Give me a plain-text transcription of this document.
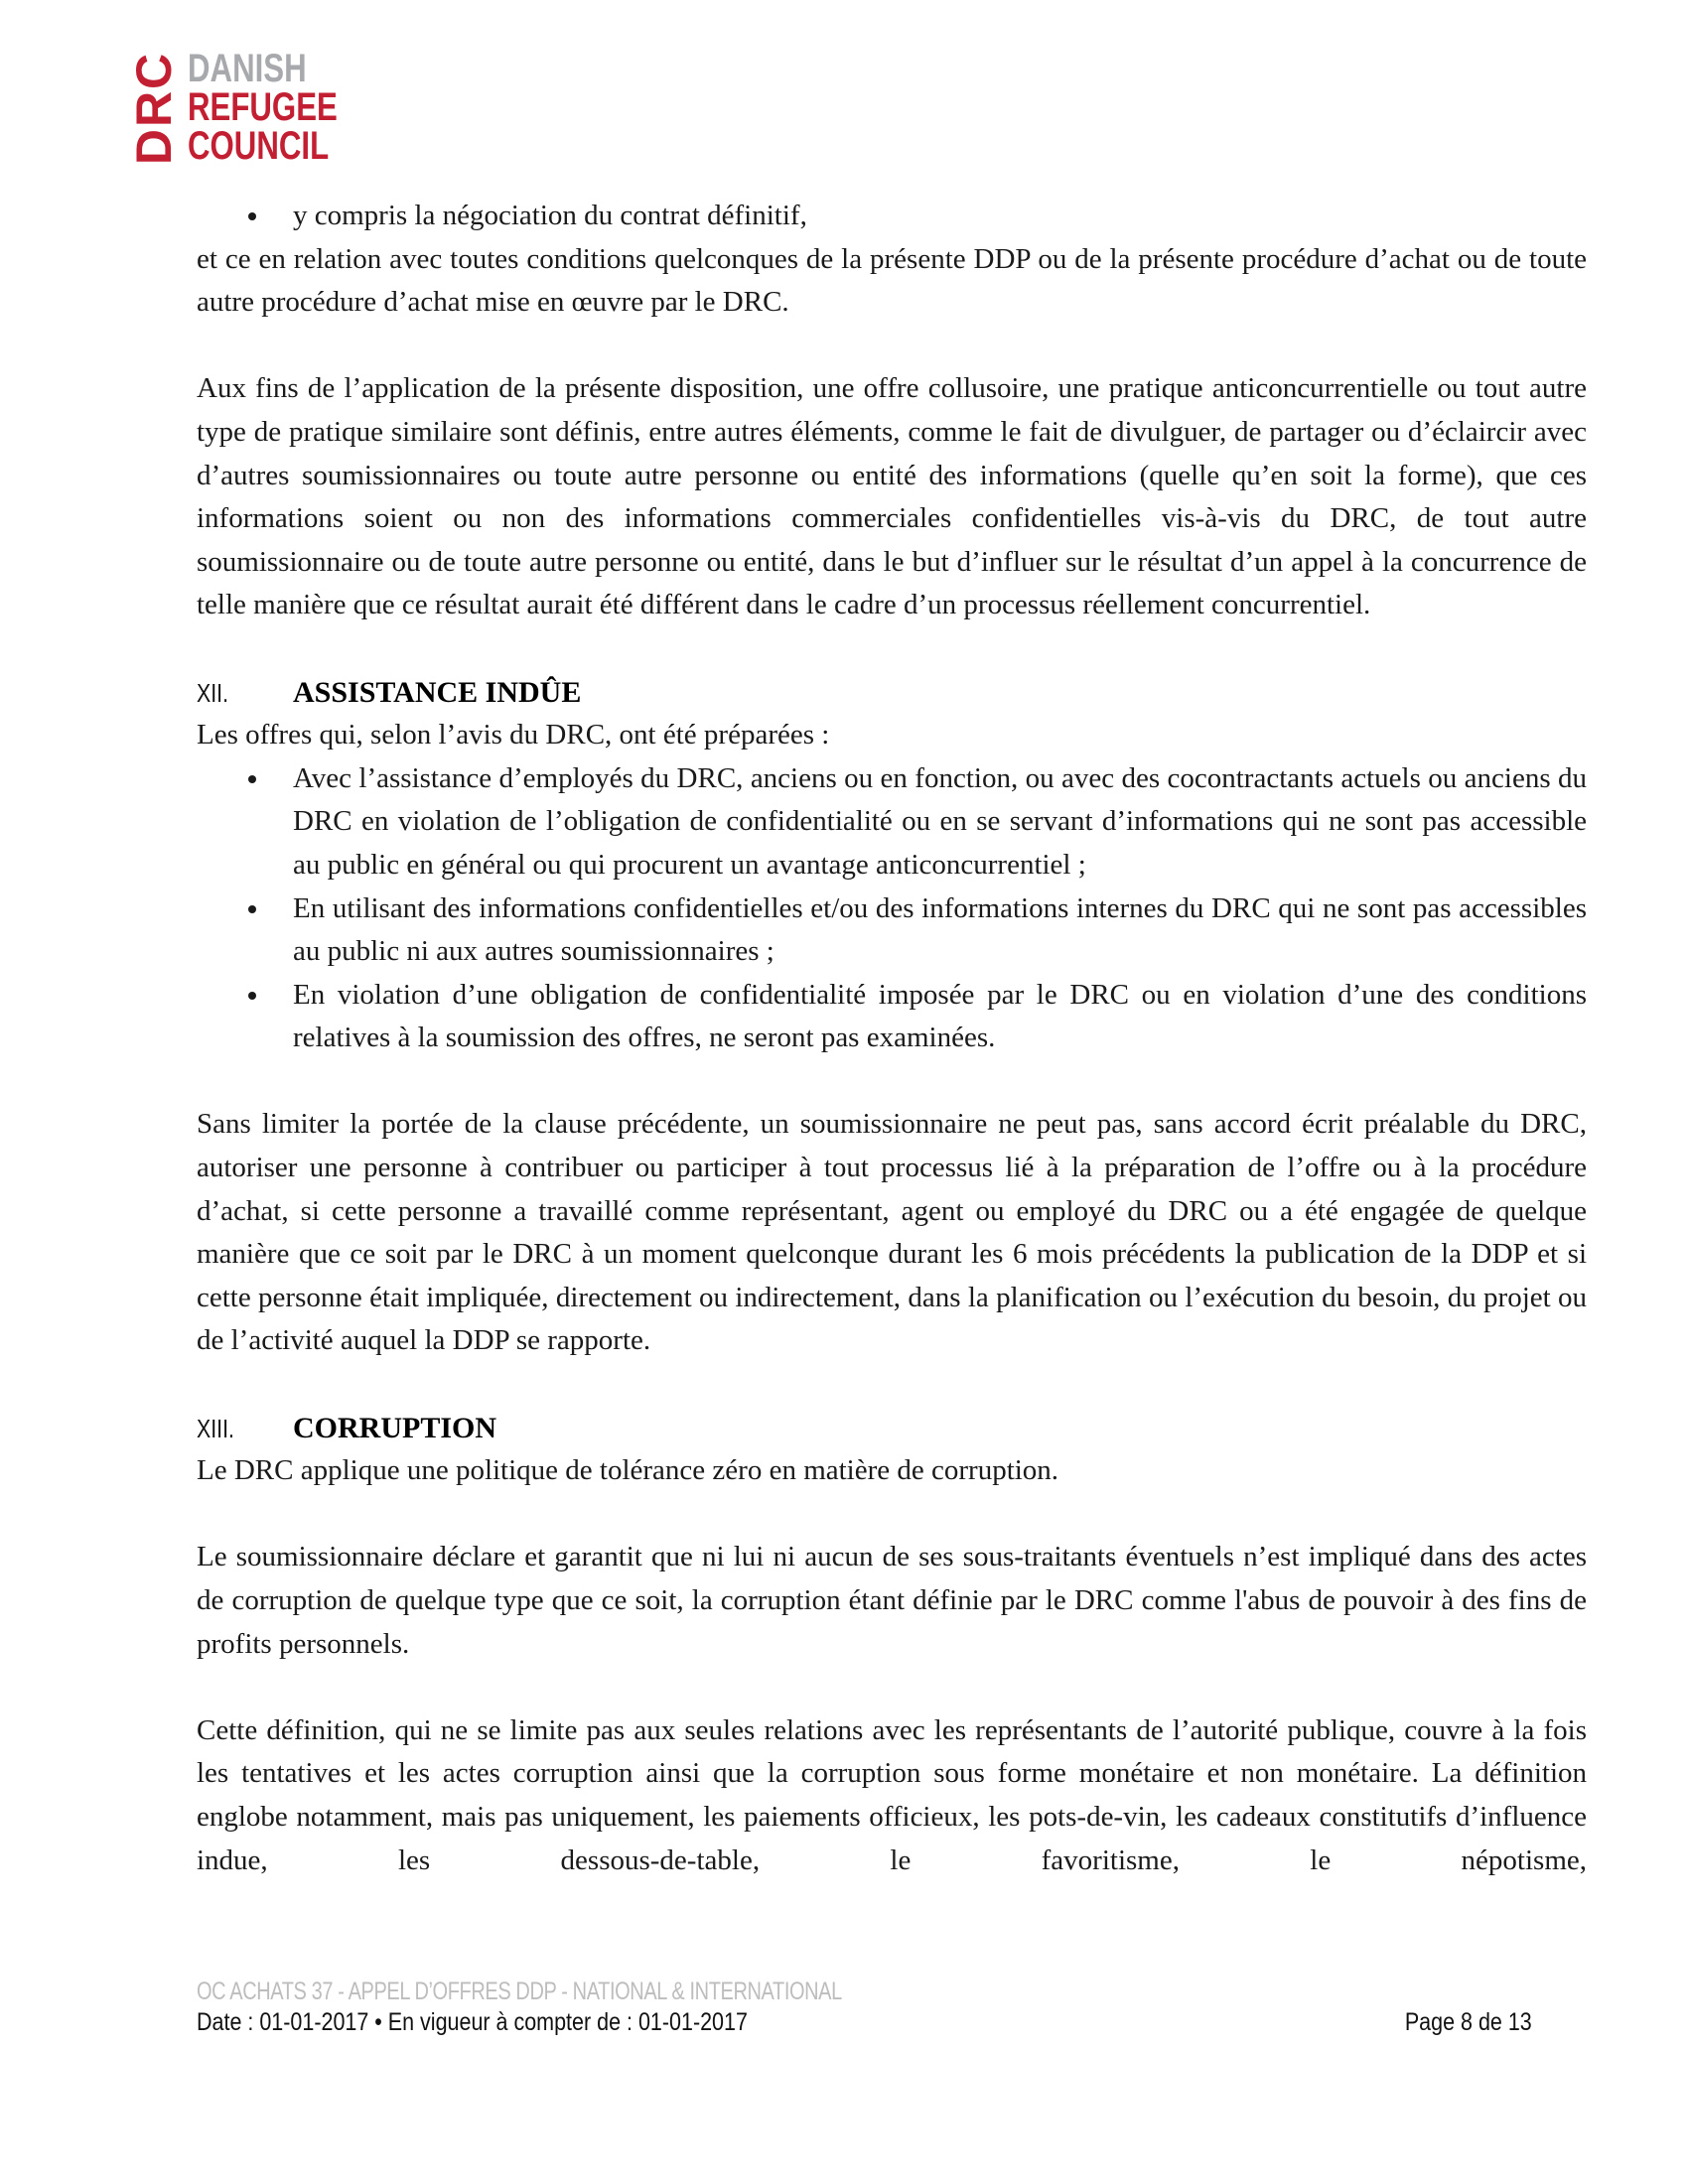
DRC DANISH
REFUGEE
COUNCIL
y compris la négociation du contrat définitif,

et ce en relation avec toutes conditions quelconques de la présente DDP ou de la présente procédure d’achat ou de toute autre procédure d’achat mise en œuvre par le DRC.

Aux fins de l’application de la présente disposition, une offre collusoire, une pratique anticoncurrentielle ou tout autre type de pratique similaire sont définis, entre autres éléments, comme le fait de divulguer, de partager ou d’éclaircir avec d’autres soumissionnaires ou toute autre personne ou entité des informations (quelle qu’en soit la forme), que ces informations soient ou non des informations commerciales confidentielles vis-à-vis du DRC, de tout autre soumissionnaire ou de toute autre personne ou entité, dans le but d’influer sur le résultat d’un appel à la concurrence de telle manière que ce résultat aurait été différent dans le cadre d’un processus réellement concurrentiel.

XII.	ASSISTANCE INDÛE

Les offres qui, selon l’avis du DRC, ont été préparées :

Avec l’assistance d’employés du DRC, anciens ou en fonction, ou avec des cocontractants actuels ou anciens du DRC en violation de l’obligation de confidentialité ou en se servant d’informations qui ne sont pas accessible au public en général ou qui procurent un avantage anticoncurrentiel ;
En utilisant des informations confidentielles et/ou des informations internes du DRC qui ne sont pas accessibles au public ni aux autres soumissionnaires ;
En violation d’une obligation de confidentialité imposée par le DRC ou en violation d’une des conditions relatives à la soumission des offres, ne seront pas examinées.

Sans limiter la portée de la clause précédente, un soumissionnaire ne peut pas, sans accord écrit préalable du DRC, autoriser une personne à contribuer ou participer à tout processus lié à la préparation de l’offre ou à la procédure d’achat, si cette personne a travaillé comme représentant, agent ou employé du DRC ou a été engagée de quelque manière que ce soit par le DRC à un moment quelconque durant les 6 mois précédents la publication de la DDP et si cette personne était impliquée, directement ou indirectement, dans la planification ou l’exécution du besoin, du projet ou de l’activité auquel la DDP se rapporte.

XIII.	CORRUPTION

Le DRC applique une politique de tolérance zéro en matière de corruption.

Le soumissionnaire déclare et garantit que ni lui ni aucun de ses sous-traitants éventuels n’est impliqué dans des actes de corruption de quelque type que ce soit, la corruption étant définie par le DRC comme l'abus de pouvoir à des fins de profits personnels.

Cette définition, qui ne se limite pas aux seules relations avec les représentants de l’autorité publique, couvre à la fois les tentatives et les actes corruption ainsi que la corruption sous forme monétaire et non monétaire. La définition englobe notamment, mais pas uniquement, les paiements officieux, les pots-de-vin, les cadeaux constitutifs d’influence indue, les dessous-de-table, le favoritisme, le népotisme,

OC ACHATS 37 - APPEL D’OFFRES DDP - NATIONAL & INTERNATIONAL
Date : 01-01-2017 • En vigueur à compter de : 01-01-2017	Page 8 de 13
